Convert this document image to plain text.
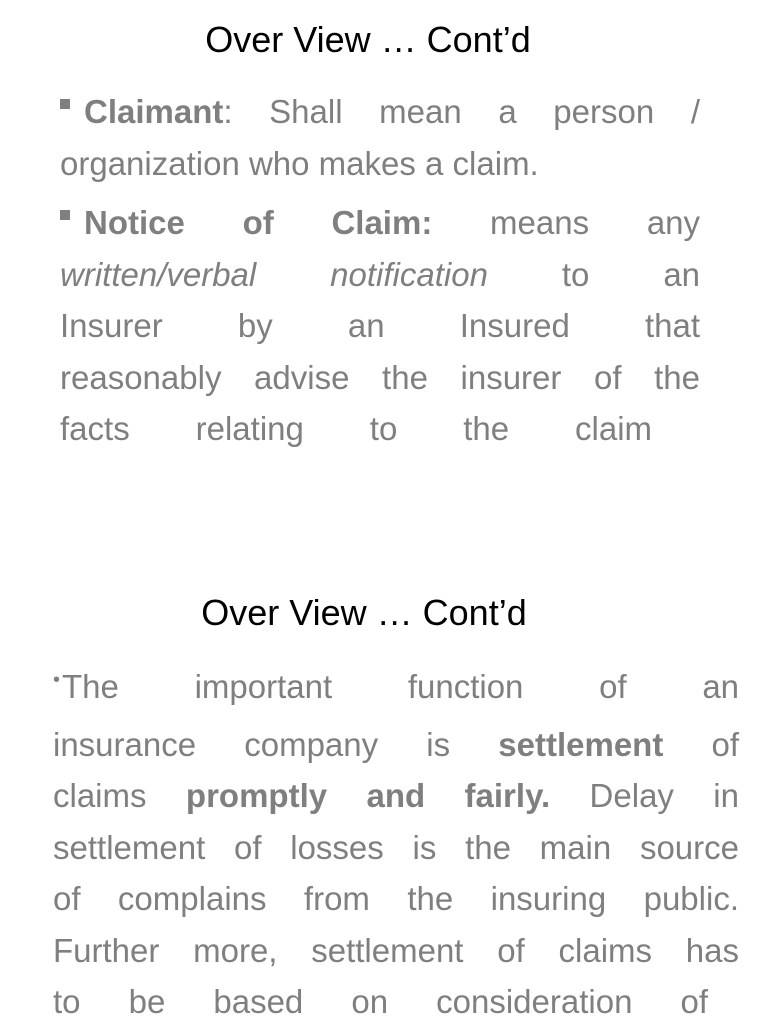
Over View … Cont’d

Claimant: Shall mean a person /
organization who makes a claim.

Notice of Claim: means any
written/verbal notification to an
Insurer by an Insured that
reasonably advise the insurer of the
facts relating to the claim

Over View … Cont’d

•The important function of an
insurance company is settlement of
claims promptly and fairly. Delay in
settlement of losses is the main source
of complains from the insuring public.
Further more, settlement of claims has
to be based on consideration of
